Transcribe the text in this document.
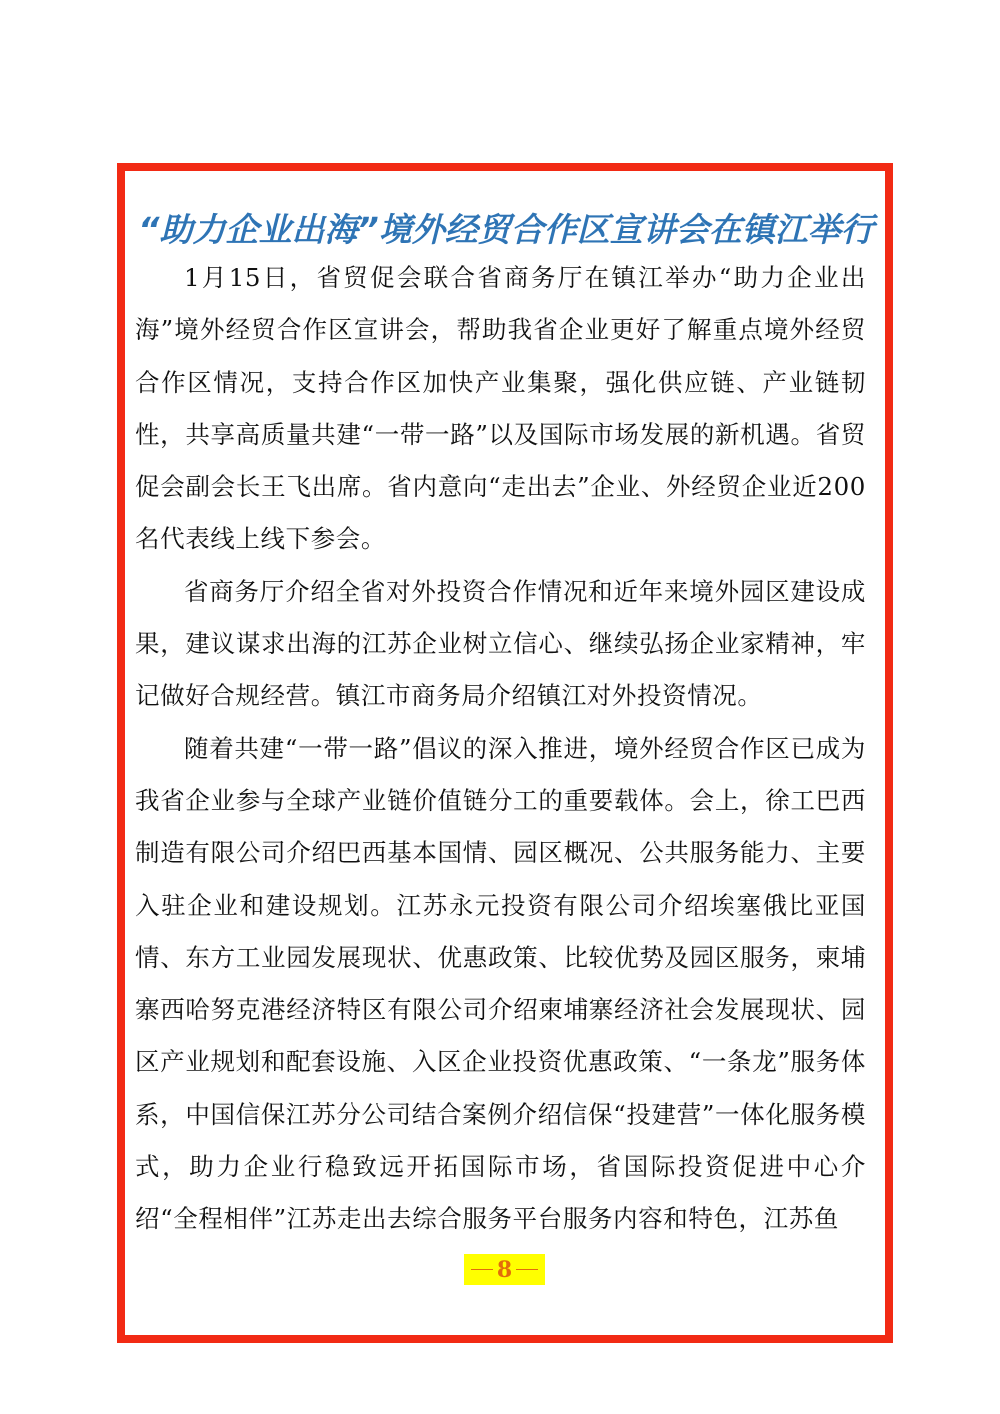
“助力企业出海”境外经贸合作区宣讲会在镇江举行

1月15日，省贸促会联合省商务厅在镇江举办“助力企业出海”境外经贸合作区宣讲会，帮助我省企业更好了解重点境外经贸合作区情况，支持合作区加快产业集聚，强化供应链、产业链韧性，共享高质量共建“一带一路”以及国际市场发展的新机遇。省贸促会副会长王飞出席。省内意向“走出去”企业、外经贸企业近200名代表线上线下参会。

省商务厅介绍全省对外投资合作情况和近年来境外园区建设成果，建议谋求出海的江苏企业树立信心、继续弘扬企业家精神，牢记做好合规经营。镇江市商务局介绍镇江对外投资情况。

随着共建“一带一路”倡议的深入推进，境外经贸合作区已成为我省企业参与全球产业链价值链分工的重要载体。会上，徐工巴西制造有限公司介绍巴西基本国情、园区概况、公共服务能力、主要入驻企业和建设规划。江苏永元投资有限公司介绍埃塞俄比亚国情、东方工业园发展现状、优惠政策、比较优势及园区服务，柬埔寨西哈努克港经济特区有限公司介绍柬埔寨经济社会发展现状、园区产业规划和配套设施、入区企业投资优惠政策、“一条龙”服务体系，中国信保江苏分公司结合案例介绍信保“投建营”一体化服务模式，助力企业行稳致远开拓国际市场，省国际投资促进中心介绍“全程相伴”江苏走出去综合服务平台服务内容和特色，江苏鱼

8
